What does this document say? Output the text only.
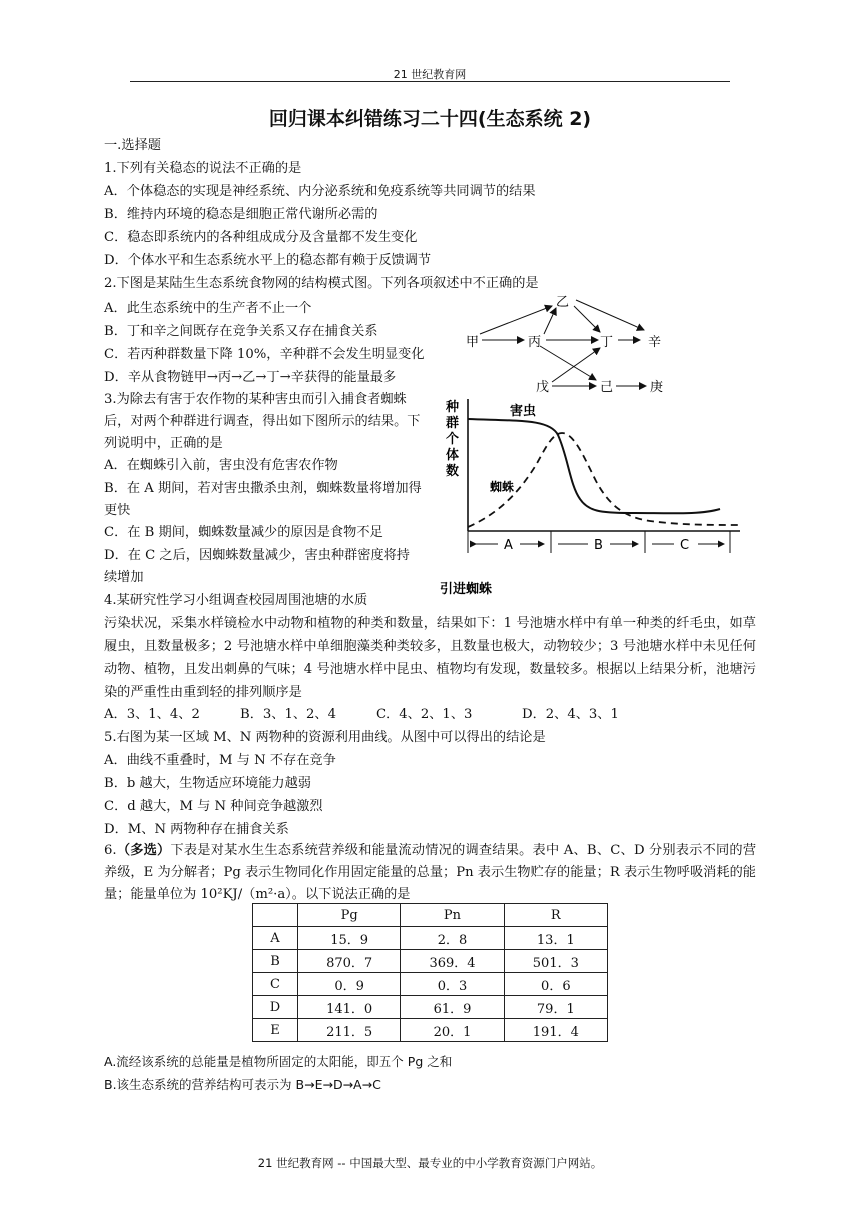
21 世纪教育网
回归课本纠错练习二十四(生态系统 2)
一.选择题
1.下列有关稳态的说法不正确的是
A．个体稳态的实现是神经系统、内分泌系统和免疫系统等共同调节的结果
B．维持内环境的稳态是细胞正常代谢所必需的
C．稳态即系统内的各种组成成分及含量都不发生变化
D．个体水平和生态系统水平上的稳态都有赖于反馈调节
2.下图是某陆生生态系统食物网的结构模式图。下列各项叙述中不正确的是
A．此生态系统中的生产者不止一个
B．丁和辛之间既存在竞争关系又存在捕食关系
C．若丙种群数量下降 10%，辛种群不会发生明显变化
D．辛从食物链甲→丙→乙→丁→辛获得的能量最多
甲
乙
丙	丁	辛
戊	己	庚
3.为除去有害于农作物的某种害虫而引入捕食者蜘蛛后，对两个种群进行调查，得出如下图所示的结果。下列说明中，正确的是
A．在蜘蛛引入前，害虫没有危害农作物
B．在 A 期间，若对害虫撒杀虫剂，蜘蛛数量将增加得更快
C．在 B 期间，蜘蛛数量减少的原因是食物不足
D．在 C 之后，因蜘蛛数量减少，害虫种群密度将持续增加
种群个体数
害虫
蜘蛛
A	B	C
引进蜘蛛
4.某研究性学习小组调查校园周围池塘的水质
污染状况，采集水样镜检水中动物和植物的种类和数量，结果如下：1 号池塘水样中有单一种类的纤毛虫，如草履虫，且数量极多；2 号池塘水样中单细胞藻类种类较多，且数量也极大，动物较少；3 号池塘水样中未见任何动物、植物，且发出刺鼻的气味；4 号池塘水样中昆虫、植物均有发现，数量较多。根据以上结果分析，池塘污染的严重性由重到轻的排列顺序是
A．3、1、4、2	B．3、1、2、4	C．4、2、1、3	D．2、4、3、1
5.右图为某一区域 M、N 两物种的资源利用曲线。从图中可以得出的结论是
A．曲线不重叠时，M 与 N 不存在竞争
B．b 越大，生物适应环境能力越弱
C．d 越大，M 与 N 种间竞争越激烈
D．M、N 两物种存在捕食关系
6.（多选）下表是对某水生生态系统营养级和能量流动情况的调查结果。表中 A、B、C、D 分别表示不同的营养级，E 为分解者；Pg 表示生物同化作用固定能量的总量；Pn 表示生物贮存的能量；R 表示生物呼吸消耗的能量；能量单位为 10²KJ/（m²·a）。以下说法正确的是
	Pg	Pn	R
A	15．9	2．8	13．1
B	870．7	369．4	501．3
C	0．9	0．3	0．6
D	141．0	61．9	79．1
E	211．5	20．1	191．4
A.流经该系统的总能量是植物所固定的太阳能，即五个 Pg 之和
B.该生态系统的营养结构可表示为 B→E→D→A→C
21 世纪教育网 -- 中国最大型、最专业的中小学教育资源门户网站。
